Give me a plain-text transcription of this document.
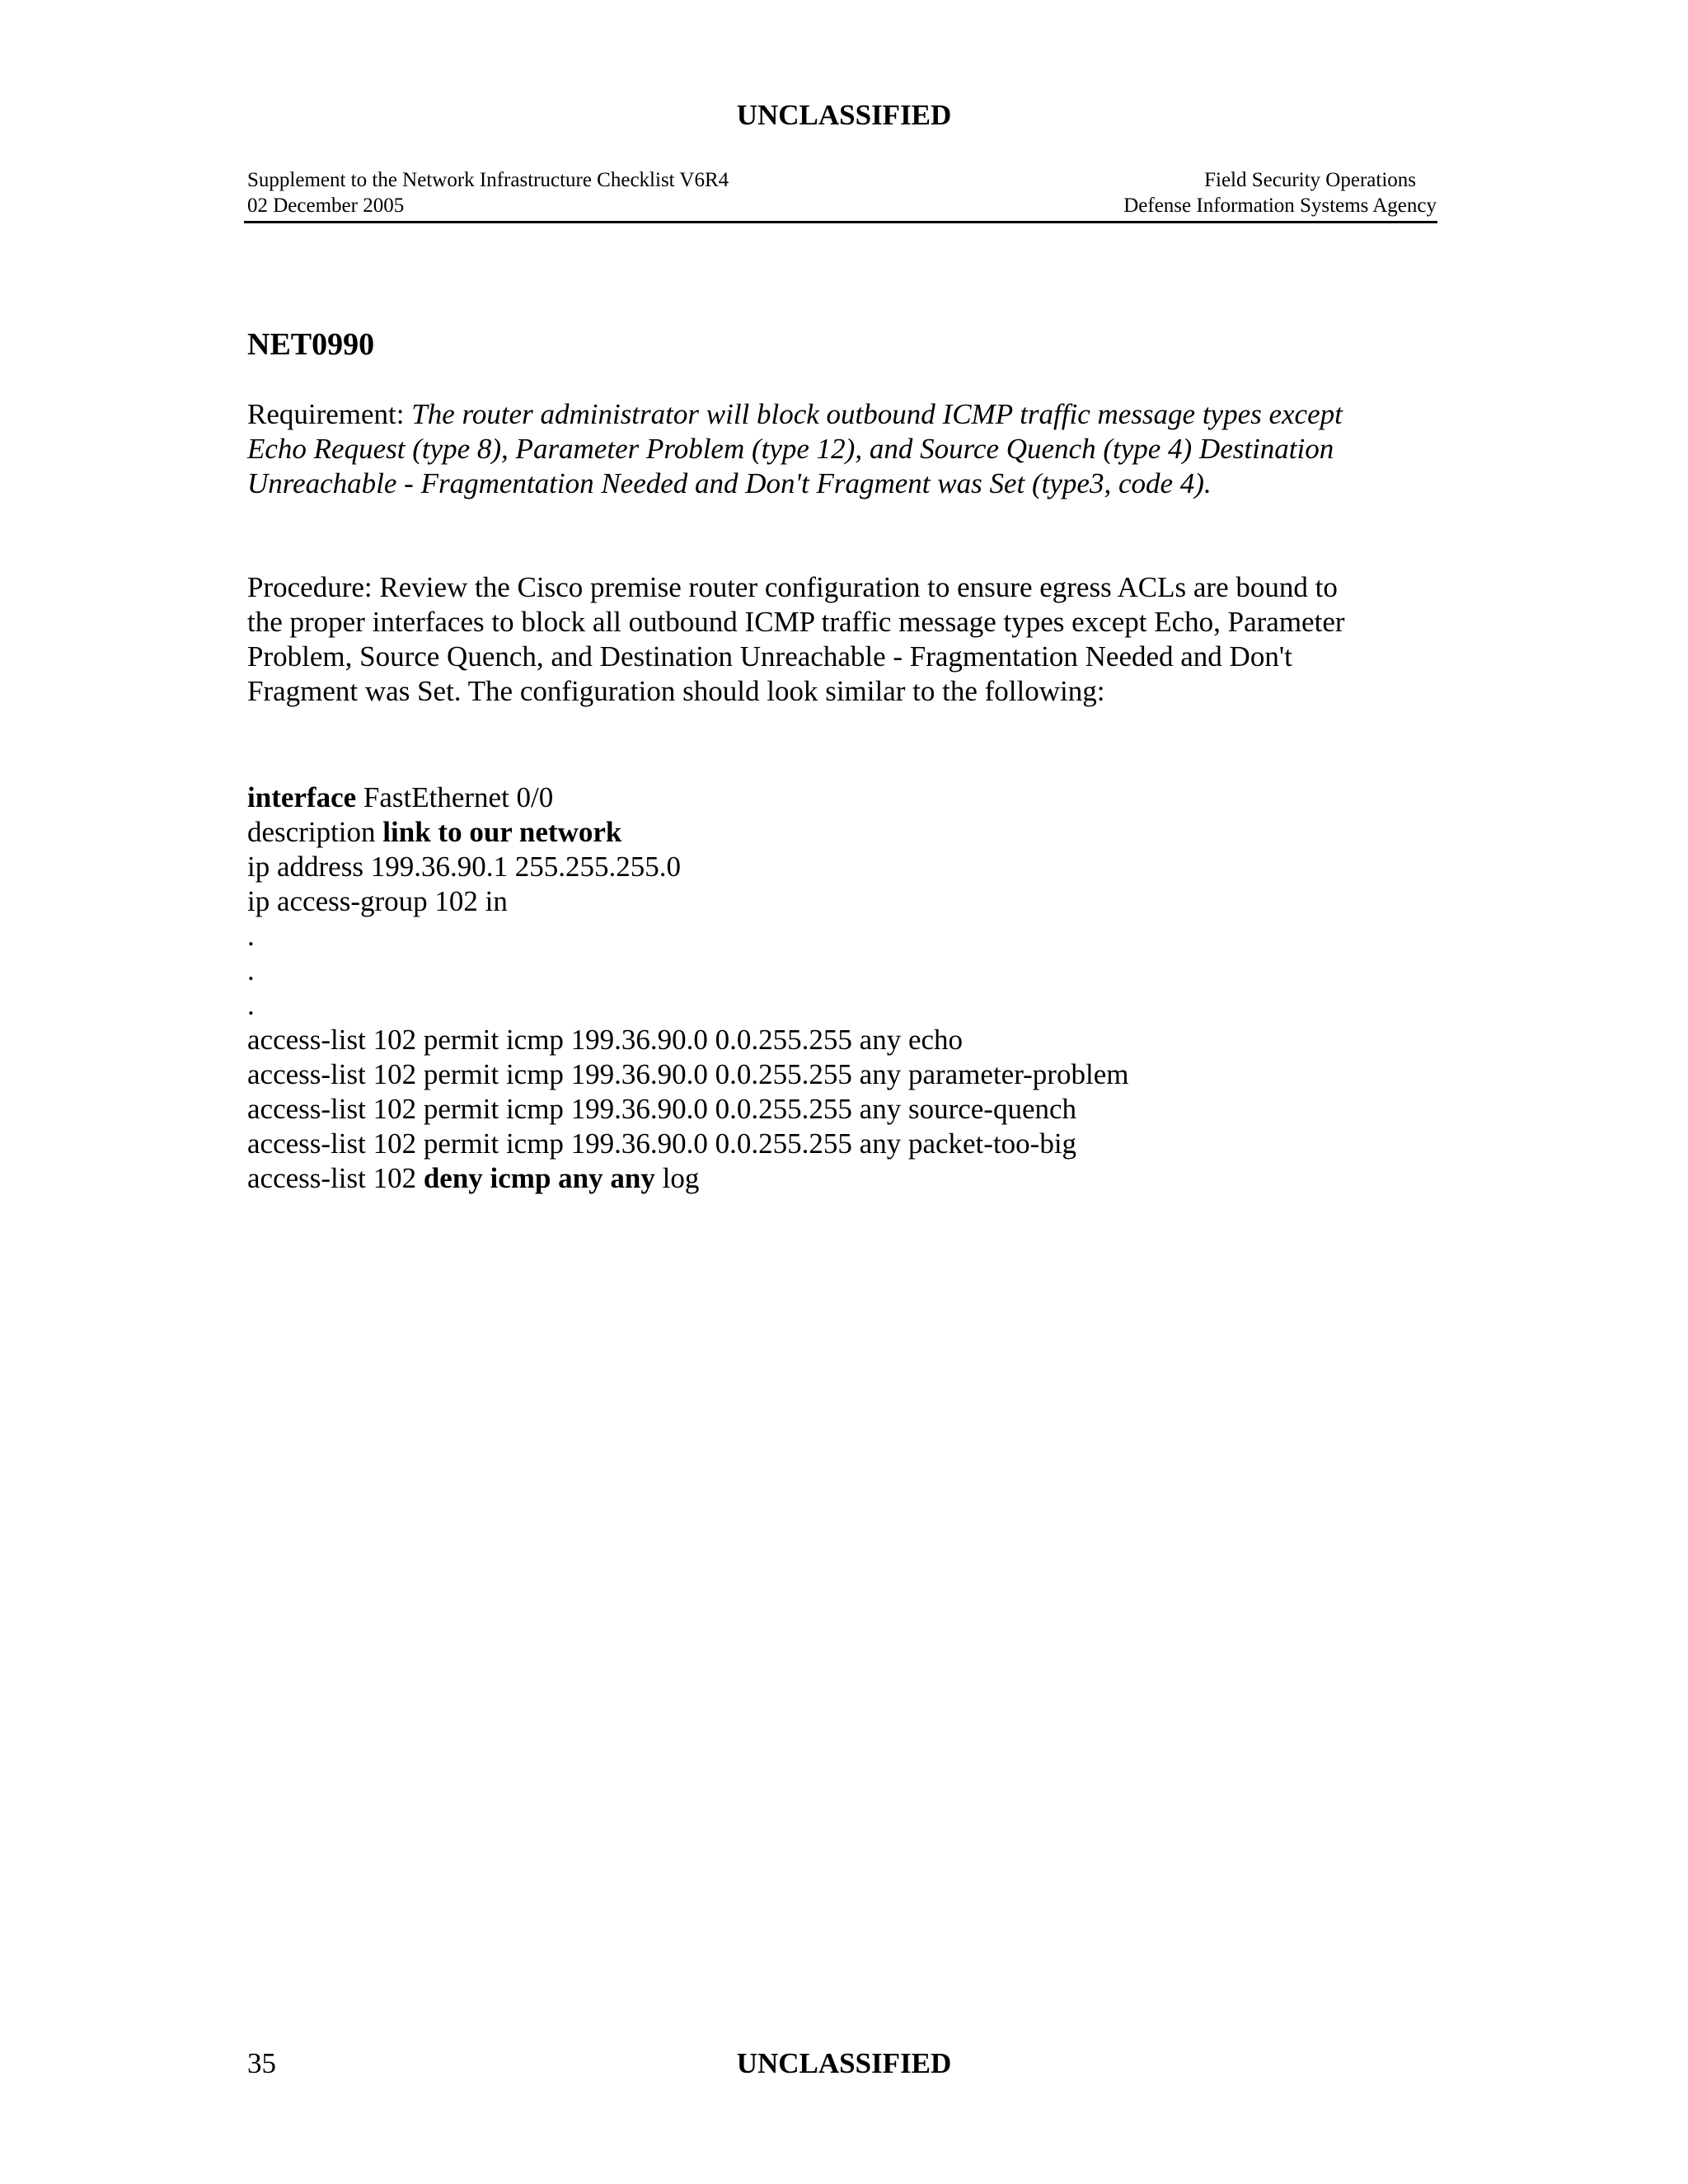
UNCLASSIFIED
Supplement to the Network Infrastructure Checklist V6R4
02 December 2005
Field Security Operations
Defense Information Systems Agency
NET0990
Requirement: The router administrator will block outbound ICMP traffic message types except
Echo Request (type 8), Parameter Problem (type 12), and Source Quench (type 4) Destination
Unreachable - Fragmentation Needed and Don't Fragment was Set (type3, code 4).
Procedure: Review the Cisco premise router configuration to ensure egress ACLs are bound to
the proper interfaces to block all outbound ICMP traffic message types except Echo, Parameter
Problem, Source Quench, and Destination Unreachable - Fragmentation Needed and Don't
Fragment was Set. The configuration should look similar to the following:
interface FastEthernet 0/0
description link to our network
ip address 199.36.90.1 255.255.255.0
ip access-group 102 in
.
.
.
access-list 102 permit icmp 199.36.90.0 0.0.255.255 any echo
access-list 102 permit icmp 199.36.90.0 0.0.255.255 any parameter-problem
access-list 102 permit icmp 199.36.90.0 0.0.255.255 any source-quench
access-list 102 permit icmp 199.36.90.0 0.0.255.255 any packet-too-big
access-list 102 deny icmp any any log
35	UNCLASSIFIED
